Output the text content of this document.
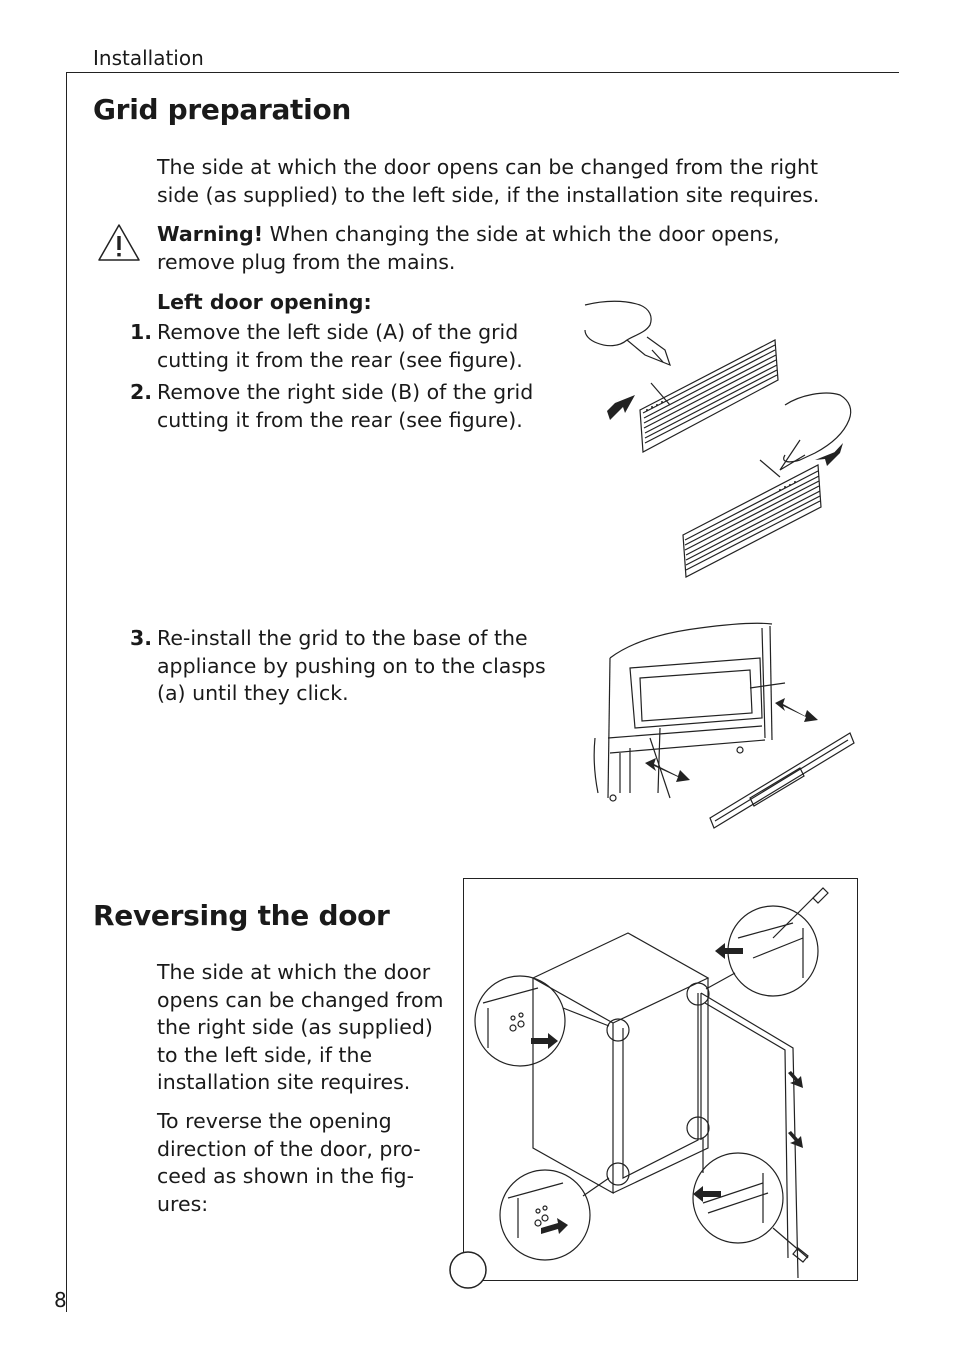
Installation
Grid preparation

The side at which the door opens can be changed from the right side (as supplied) to the left side, if the installation site requires.

Warning! When changing the side at which the door opens, remove plug from the mains.

Left door opening:
1. Remove the left side (A) of the grid cutting it from the rear (see figure).
2. Remove the right side (B) of the grid cutting it from the rear (see figure).
3. Re-install the grid to the base of the appliance by pushing on to the clasps (a) until they click.
Reversing the door

The side at which the door opens can be changed from the right side (as supplied) to the left side, if the installation site requires.

To reverse the opening direction of the door, pro-ceed as shown in the fig-ures:

8
